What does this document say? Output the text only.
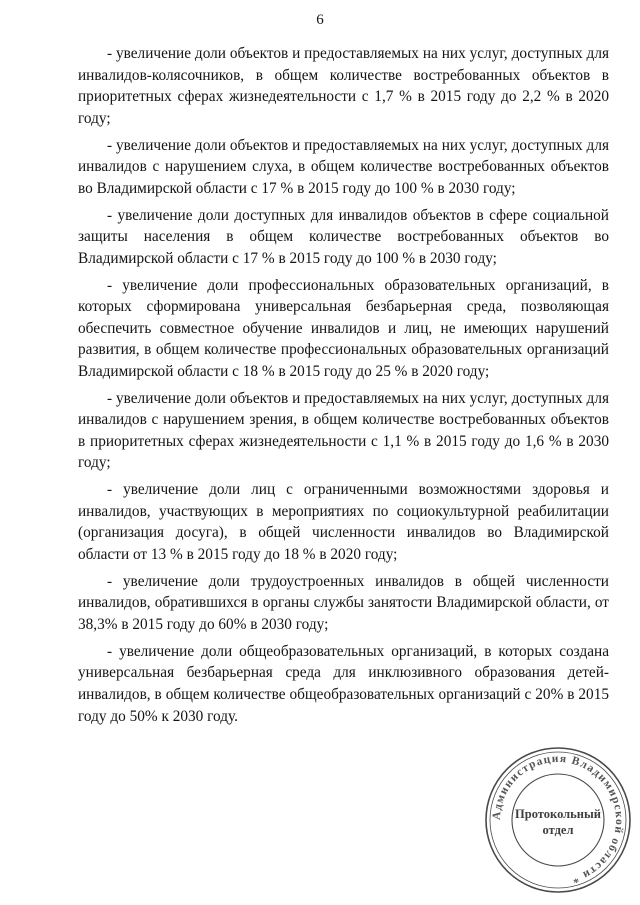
6

- увеличение доли объектов и предоставляемых на них услуг, доступных для инвалидов-колясочников, в общем количестве востребованных объектов в приоритетных сферах жизнедеятельности с 1,7 % в 2015 году до 2,2 % в 2020 году;

- увеличение доли объектов и предоставляемых на них услуг, доступных для инвалидов с нарушением слуха, в общем количестве востребованных объектов во Владимирской области с 17 % в 2015 году до 100 % в 2030 году;

- увеличение доли доступных для инвалидов объектов в сфере социальной защиты населения в общем количестве востребованных объектов во Владимирской области с 17 % в 2015 году до 100 % в 2030 году;

- увеличение доли профессиональных образовательных организаций, в которых сформирована универсальная безбарьерная среда, позволяющая обеспечить совместное обучение инвалидов и лиц, не имеющих нарушений развития, в общем количестве профессиональных образовательных организаций Владимирской области с 18 % в 2015 году до 25 % в 2020 году;

- увеличение доли объектов и предоставляемых на них услуг, доступных для инвалидов с нарушением зрения, в общем количестве востребованных объектов в приоритетных сферах жизнедеятельности с 1,1 % в 2015 году до 1,6 % в 2030 году;

- увеличение доли лиц с ограниченными возможностями здоровья и инвалидов, участвующих в мероприятиях по социокультурной реабилитации (организация досуга), в общей численности инвалидов во Владимирской области от 13 % в 2015 году до 18 % в 2020 году;

- увеличение доли трудоустроенных инвалидов в общей численности инвалидов, обратившихся в органы службы занятости Владимирской области, от 38,3% в 2015 году до 60% в 2030 году;

- увеличение доли общеобразовательных организаций, в которых создана универсальная безбарьерная среда для инклюзивного образования детей-инвалидов, в общем количестве общеобразовательных организаций с 20% в 2015 году до 50% к 2030 году.

Администрация Владимирской области *
Протокольный
отдел
